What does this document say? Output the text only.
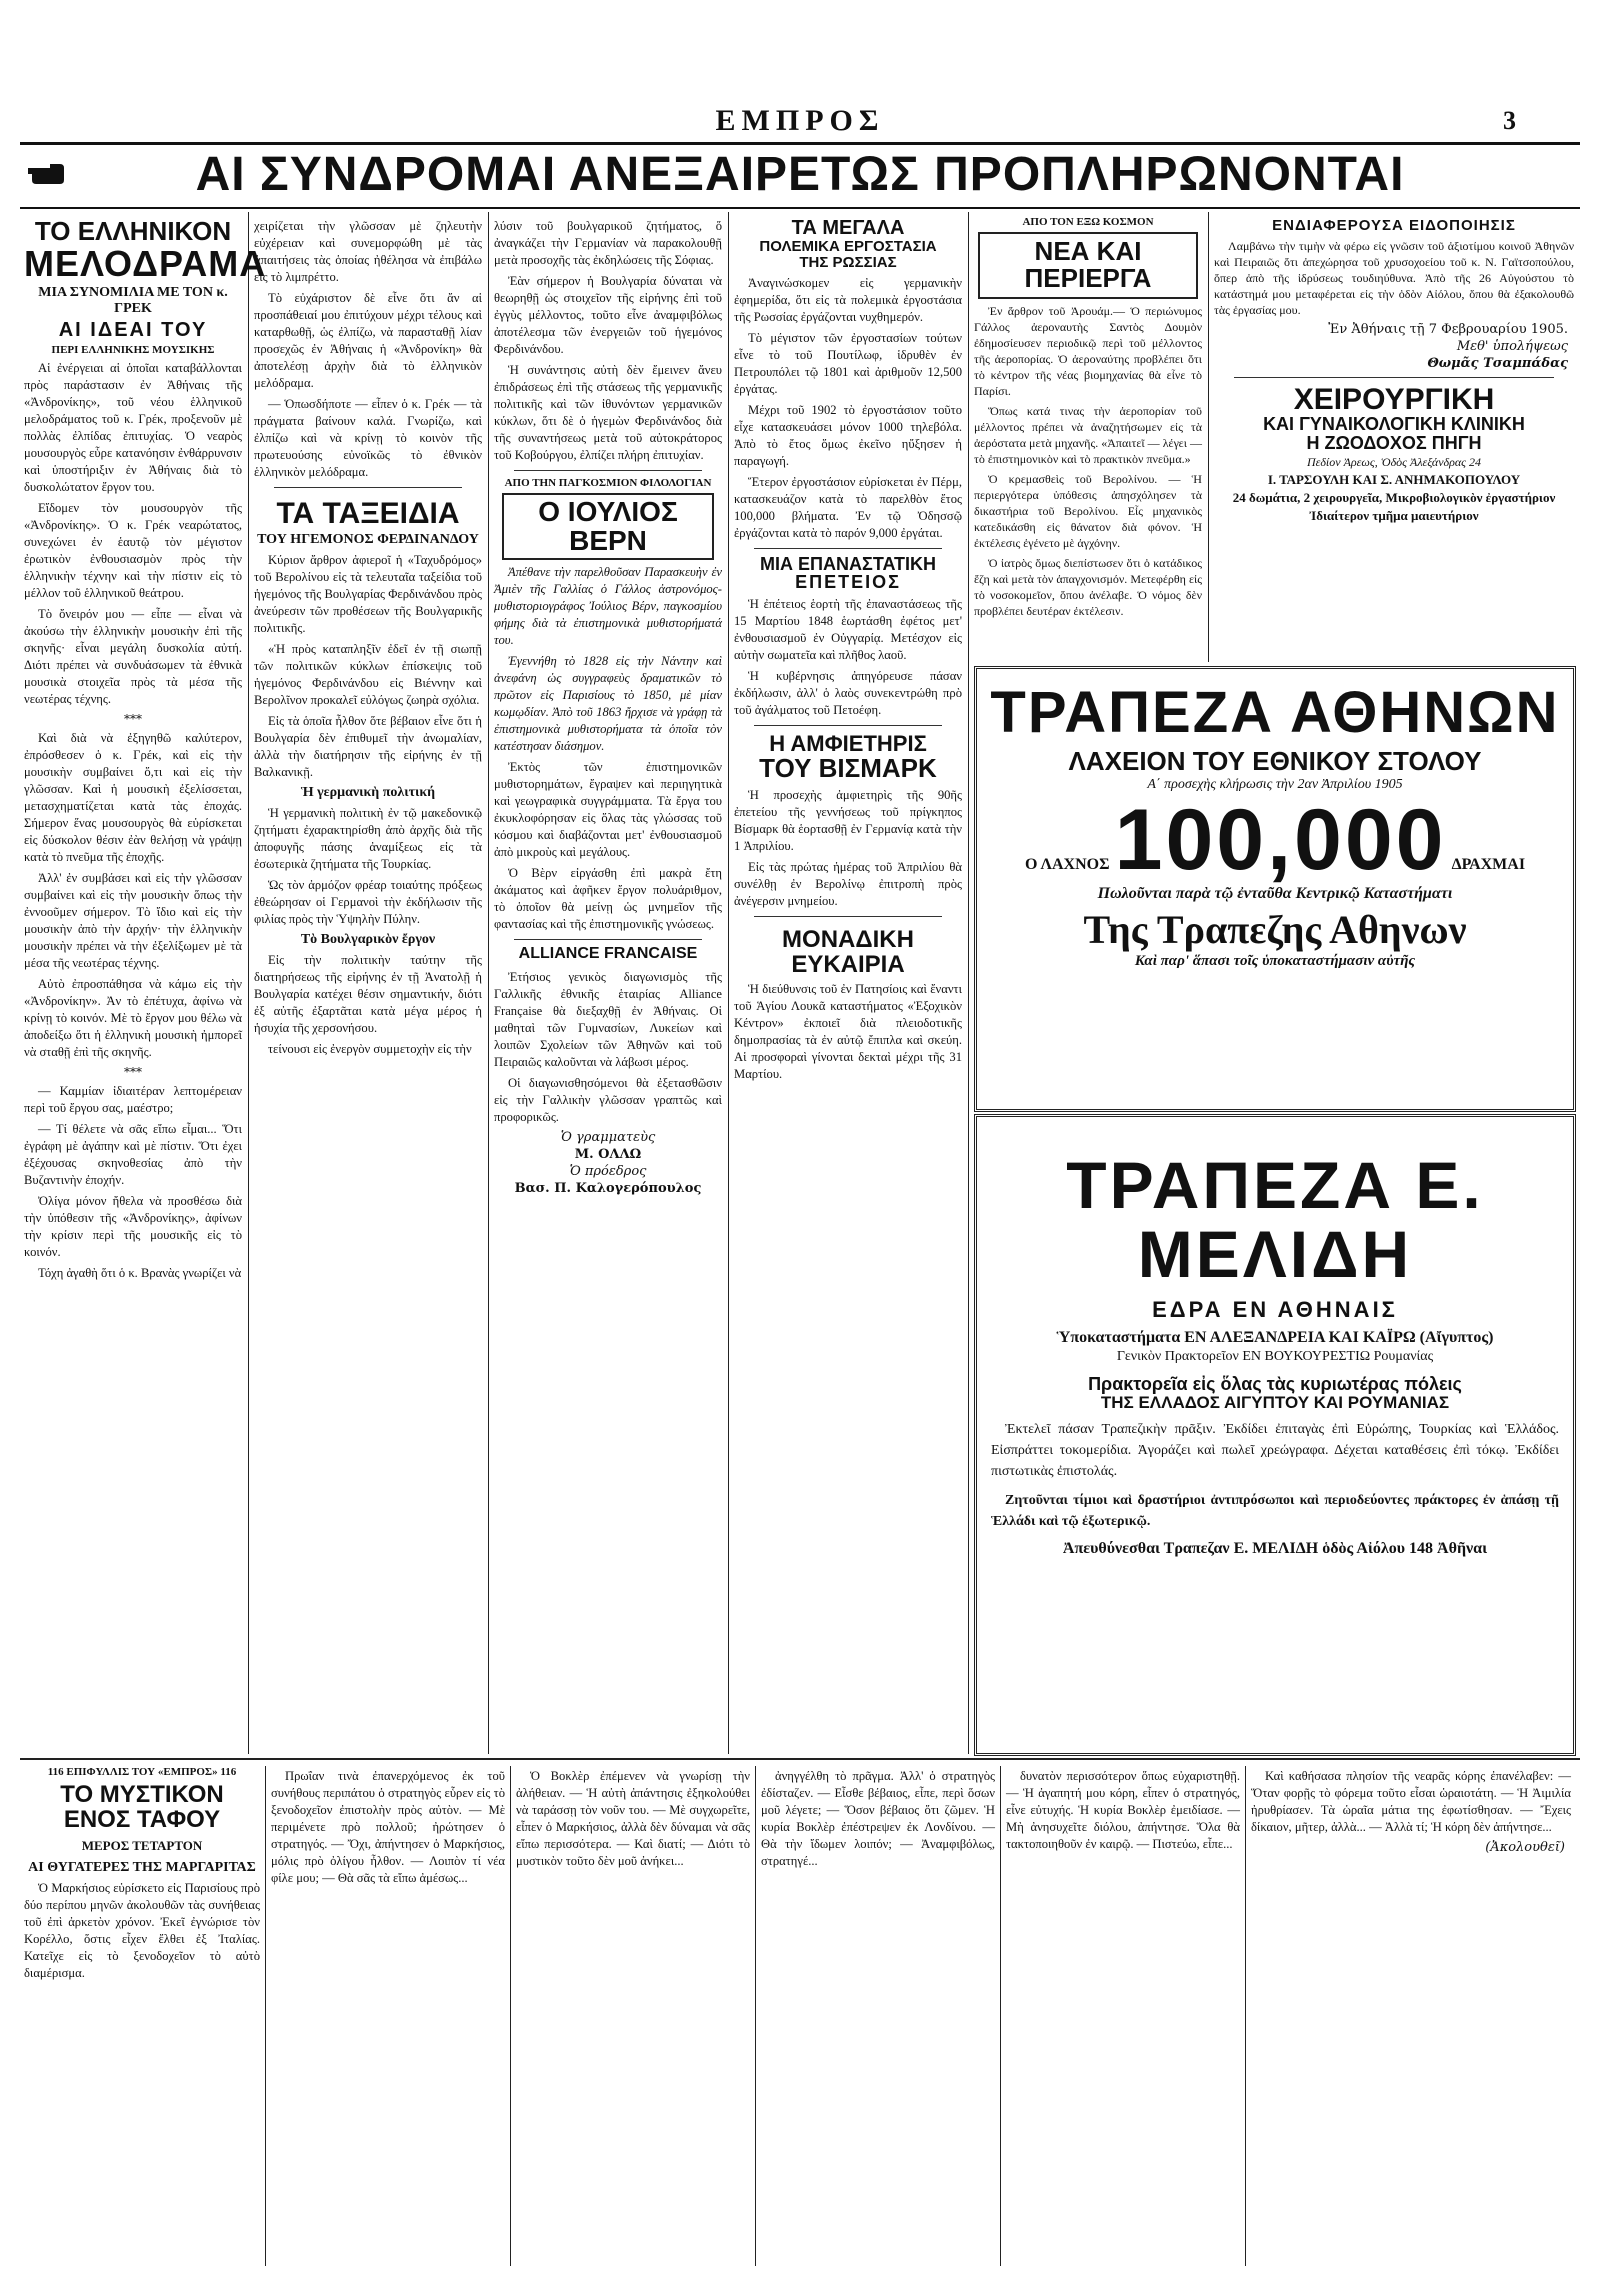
ΕΜΠΡΟΣ	3
ΑΙ ΣΥΝΔΡΟΜΑΙ ΑΝΕΞΑΙΡΕΤΩΣ ΠΡΟΠΛΗΡΩΝΟΝΤΑΙ
ΤΟ ΕΛΛΗΝΙΚΟΝ
ΜΕΛΟΔΡΑΜΑ
ΜΙΑ ΣΥΝΟΜΙΛΙΑ ΜΕ ΤΟΝ κ. ΓΡΕΚ
ΑΙ ΙΔΕΑΙ ΤΟΥ
ΠΕΡΙ ΕΛΛΗΝΙΚΗΣ ΜΟΥΣΙΚΗΣ

Αἱ ἐνέργειαι αἱ ὁποῖαι καταβάλλονται πρὸς παράστασιν ἐν Ἀθήναις τῆς «Ἀνδρονίκης», τοῦ νέου ἑλληνικοῦ μελοδράματος τοῦ κ. Γρέκ, προξενοῦν μὲ πολλὰς ἐλπίδας ἐπιτυχίας. Ὁ νεαρὸς μουσουργὸς εὗρε κατανόησιν ἐνθάρρυνσιν καὶ ὑποστήριξιν ἐν Ἀθήναις διὰ τὸ δυσκολώτατον ἔργον του.

Εἴδομεν τὸν μουσουργὸν τῆς «Ἀνδρονίκης». Ὁ κ. Γρέκ νεαρώτατος, συνεχώνει ἐν ἑαυτῷ τὸν μέγιστον ἐρωτικὸν ἐνθουσιασμὸν πρὸς τὴν ἑλληνικὴν τέχνην καὶ τὴν πίστιν εἰς τὸ μέλλον τοῦ ἑλληνικοῦ θεάτρου.

Τὸ ὄνειρόν μου — εἶπε — εἶναι νὰ ἀκούσω τὴν ἑλληνικὴν μουσικὴν ἐπὶ τῆς σκηνῆς· εἶναι μεγάλη δυσκολία αὐτή. Διότι πρέπει νὰ συνδυάσωμεν τὰ ἐθνικὰ μουσικὰ στοιχεῖα πρὸς τὰ μέσα τῆς νεωτέρας τέχνης.

***

Καὶ διὰ νὰ ἐξηγηθῶ καλύτερον, ἐπρόσθεσεν ὁ κ. Γρέκ, καὶ εἰς τὴν μουσικὴν συμβαίνει ὅ,τι καὶ εἰς τὴν γλῶσσαν. Καὶ ἡ μουσικὴ ἐξελίσσεται, μετασχηματίζεται κατὰ τὰς ἐποχάς. Σήμερον ἕνας μουσουργὸς θὰ εὑρίσκεται εἰς δύσκολον θέσιν ἐὰν θελήσῃ νὰ γράψῃ κατὰ τὸ πνεῦμα τῆς ἐποχῆς.

Ἀλλ' ἐν συμβάσει καὶ εἰς τὴν γλῶσσαν συμβαίνει καὶ εἰς τὴν μουσικὴν ὅπως τὴν ἐννοοῦμεν σήμερον. Τὸ ἴδιο καὶ εἰς τὴν μουσικὴν ἀπὸ τὴν ἀρχήν· τὴν ἑλληνικὴν μουσικὴν πρέπει νὰ τὴν ἐξελίξωμεν μὲ τὰ μέσα τῆς νεωτέρας τέχνης.

Αὐτὸ ἐπροσπάθησα νὰ κάμω εἰς τὴν «Ἀνδρονίκην». Ἀν τὸ ἐπέτυχα, ἀφίνω νὰ κρίνῃ τὸ κοινόν. Μὲ τὸ ἔργον μου θέλω νὰ ἀποδείξω ὅτι ἡ ἑλληνικὴ μουσικὴ ἠμπορεῖ νὰ σταθῇ ἐπὶ τῆς σκηνῆς.

***

— Καμμίαν ἰδιαιτέραν λεπτομέρειαν περὶ τοῦ ἔργου σας, μαέστρο;

— Τί θέλετε νὰ σᾶς εἴπω εἶμαι... Ὅτι ἐγράφη μὲ ἀγάπην καὶ μὲ πίστιν. Ὅτι ἐχει ἐξέχουσας σκηνοθεσίας ἀπὸ τὴν Βυζαντινὴν ἐποχήν.

Ὀλίγα μόνον ἤθελα νὰ προσθέσω διὰ τὴν ὑπόθεσιν τῆς «Ἀνδρονίκης», ἀφίνων τὴν κρίσιν περὶ τῆς μουσικῆς εἰς τὸ κοινόν.

Τόχη ἀγαθὴ ὅτι ὁ κ. Βρανὰς γνωρίζει νὰ

χειρίζεται τὴν γλῶσσαν μὲ ζηλευτὴν εὐχέρειαν καὶ συνεμορφώθη μὲ τὰς ἀπαιτήσεις τὰς ὁποίας ἠθέλησα νὰ ἐπιβάλω εἰς τὸ λιμπρέττο.

Τὸ εὐχάριστον δὲ εἶνε ὅτι ἄν αἱ προσπάθειαί μου ἐπιτύχουν μέχρι τέλους καὶ καταρθωθῇ, ὡς ἐλπίζω, νὰ παρασταθῇ λίαν προσεχῶς ἐν Ἀθήναις ἡ «Ἀνδρονίκη» θὰ ἀποτελέσῃ ἀρχὴν διὰ τὸ ἑλληνικὸν μελόδραμα.

— Ὁπωσδήποτε — εἶπεν ὁ κ. Γρέκ — τὰ πράγματα βαίνουν καλά. Γνωρίζω, καὶ ἐλπίζω καὶ νὰ κρίνῃ τὸ κοινὸν τῆς πρωτευούσης εὐνοϊκῶς τὸ ἐθνικὸν ἑλληνικὸν μελόδραμα.

ΤΑ ΤΑΞΕΙΔΙΑ
ΤΟΥ ΗΓΕΜΟΝΟΣ ΦΕΡΔΙΝΑΝΔΟΥ

Κύριον ἄρθρον ἀφιεροῖ ἡ «Ταχυδρόμος» τοῦ Βερολίνου εἰς τὰ τελευταῖα ταξείδια τοῦ ἡγεμόνος τῆς Βουλγαρίας Φερδινάνδου πρὸς ἀνεύρεσιν τῶν προθέσεων τῆς Βουλγαρικῆς πολιτικῆς.

«Ἡ πρὸς καταπληξῖν ἐδεῖ ἐν τῇ σιωπῇ τῶν πολιτικῶν κύκλων ἐπίσκεψις τοῦ ἡγεμόνος Φερδινάνδου εἰς Βιέννην καὶ Βερολῖνον προκαλεῖ εὐλόγως ζωηρὰ σχόλια.

Εἰς τὰ ὁποῖα ἦλθον ὅτε βέβαιον εἶνε ὅτι ἡ Βουλγαρία δὲν ἐπιθυμεῖ τὴν ἀνωμαλίαν, ἀλλὰ τὴν διατήρησιν τῆς εἰρήνης ἐν τῇ Βαλκανικῇ.

Ἡ γερμανικὴ πολιτική

Ἡ γερμανικὴ πολιτικὴ ἐν τῷ μακεδονικῷ ζητήματι ἐχαρακτηρίσθη ἀπὸ ἀρχῆς διὰ τῆς ἀποφυγῆς πάσης ἀναμίξεως εἰς τὰ ἐσωτερικὰ ζητήματα τῆς Τουρκίας.

Ὡς τὸν ἀρμόζον φρέαρ τοιαύτης πρόξεως ἐθεώρησαν οἱ Γερμανοὶ τὴν ἐκδήλωσιν τῆς φιλίας πρὸς τὴν Ὑψηλὴν Πύλην.

Τὸ Βουλγαρικὸν ἔργον

Εἰς τὴν πολιτικὴν ταύτην τῆς διατηρήσεως τῆς εἰρήνης ἐν τῇ Ἀνατολῇ ἡ Βουλγαρία κατέχει θέσιν σημαντικήν, διότι ἐξ αὐτῆς ἐξαρτᾶται κατὰ μέγα μέρος ἡ ἡσυχία τῆς χερσονήσου.

τείνουσι εἰς ἐνεργὸν συμμετοχὴν εἰς τὴν

λύσιν τοῦ βουλγαρικοῦ ζητήματος, ὅ ἀναγκάζει τὴν Γερμανίαν νὰ παρακολουθῇ μετὰ προσοχῆς τὰς ἐκδηλώσεις τῆς Σόφιας.

Ἐὰν σήμερον ἡ Βουλγαρία δύναται νὰ θεωρηθῇ ὡς στοιχεῖον τῆς εἰρήνης ἐπὶ τοῦ ἐγγὺς μέλλοντος, τοῦτο εἶνε ἀναμφιβόλως ἀποτέλεσμα τῶν ἐνεργειῶν τοῦ ἡγεμόνος Φερδινάνδου.

Ἡ συνάντησις αὐτὴ δὲν ἔμεινεν ἄνευ ἐπιδράσεως ἐπὶ τῆς στάσεως τῆς γερμανικῆς πολιτικῆς καὶ τῶν ἰθυνόντων γερμανικῶν κύκλων, ὅτι δὲ ὁ ἡγεμὼν Φερδινάνδος διὰ τῆς συναντήσεως μετὰ τοῦ αὐτοκράτορος τοῦ Κοβούργου, ἐλπίζει πλήρη ἐπιτυχίαν.

ΑΠΟ ΤΗΝ ΠΑΓΚΟΣΜΙΟΝ ΦΙΛΟΛΟΓΙΑΝ
Ο ΙΟΥΛΙΟΣ ΒΕΡΝ

Ἀπέθανε τὴν παρελθοῦσαν Παρασκευὴν ἐν Ἀμιὲν τῆς Γαλλίας ὁ Γάλλος ἀστρονόμος-μυθιστοριογράφος Ἰούλιος Βέρν, παγκοσμίου φήμης διὰ τὰ ἐπιστημονικὰ μυθιστορήματά του.

Ἐγεννήθη τὸ 1828 εἰς τὴν Νάντην καὶ ἀνεφάνη ὡς συγγραφεὺς δραματικῶν τὸ πρῶτον εἰς Παρισίους τὸ 1850, μὲ μίαν κωμῳδίαν. Ἀπὸ τοῦ 1863 ἤρχισε νὰ γράφῃ τὰ ἐπιστημονικὰ μυθιστορήματα τὰ ὁποῖα τὸν κατέστησαν διάσημον.

Ἐκτὸς τῶν ἐπιστημονικῶν μυθιστορημάτων, ἔγραψεν καὶ περιηγητικὰ καὶ γεωγραφικὰ συγγράμματα. Τὰ ἔργα του ἐκυκλοφόρησαν εἰς ὅλας τὰς γλώσσας τοῦ κόσμου καὶ διαβάζονται μετ' ἐνθουσιασμοῦ ἀπὸ μικροὺς καὶ μεγάλους.

Ὁ Βὲρν εἰργάσθη ἐπὶ μακρὰ ἔτη ἀκάματος καὶ ἀφῆκεν ἔργον πολυάριθμον, τὸ ὁποῖον θὰ μείνῃ ὡς μνημεῖον τῆς φαντασίας καὶ τῆς ἐπιστημονικῆς γνώσεως.

ALLIANCE FRANCAISE

Ἐτήσιος γενικὸς διαγωνισμὸς τῆς Γαλλικῆς ἐθνικῆς ἑταιρίας Alliance Française θὰ διεξαχθῇ ἐν Ἀθήναις. Οἱ μαθηταὶ τῶν Γυμνασίων, Λυκείων καὶ λοιπῶν Σχολείων τῶν Ἀθηνῶν καὶ τοῦ Πειραιῶς καλοῦνται νὰ λάβωσι μέρος.

Οἱ διαγωνισθησόμενοι θὰ ἐξετασθῶσιν εἰς τὴν Γαλλικὴν γλῶσσαν γραπτῶς καὶ προφορικῶς.

Ὁ γραμματεὺς
Μ. ΟΛΛΩ
Ὁ πρόεδρος
Βασ. Π. Καλογερόπουλος
ΤΑ ΜΕΓΑΛΑ
ΠΟΛΕΜΙΚΑ ΕΡΓΟΣΤΑΣΙΑ
ΤΗΣ ΡΩΣΣΙΑΣ

Ἀναγινώσκομεν εἰς γερμανικὴν ἐφημερίδα, ὅτι εἰς τὰ πολεμικὰ ἐργοστάσια τῆς Ρωσσίας ἐργάζονται νυχθημερόν.

Τὸ μέγιστον τῶν ἐργοστασίων τούτων εἶνε τὸ τοῦ Πουτίλωφ, ἱδρυθὲν ἐν Πετρουπόλει τῷ 1801 καὶ ἀριθμοῦν 12,500 ἐργάτας.

Μέχρι τοῦ 1902 τὸ ἐργοστάσιον τοῦτο εἶχε κατασκευάσει μόνον 1000 τηλεβόλα. Ἀπὸ τὸ ἔτος ὅμως ἐκεῖνο ηὔξησεν ἡ παραγωγή.

Ἕτερον ἐργοστάσιον εὑρίσκεται ἐν Πέρμ, κατασκευάζον κατὰ τὸ παρελθὸν ἔτος 100,000 βλήματα. Ἐν τῷ Ὀδησσῷ ἐργάζονται κατὰ τὸ παρόν 9,000 ἐργάται.

ΜΙΑ ΕΠΑΝΑΣΤΑΤΙΚΗ
ΕΠΕΤΕΙΟΣ

Ἡ ἐπέτειος ἑορτὴ τῆς ἐπαναστάσεως τῆς 15 Μαρτίου 1848 ἑωρτάσθη ἐφέτος μετ' ἐνθουσιασμοῦ ἐν Οὐγγαρίᾳ. Μετέσχον εἰς αὐτὴν σωματεῖα καὶ πλῆθος λαοῦ.

Ἡ κυβέρνησις ἀπηγόρευσε πάσαν ἐκδήλωσιν, ἀλλ' ὁ λαὸς συνεκεντρώθη πρὸ τοῦ ἀγάλματος τοῦ Πετοέφη.

Η ΑΜΦΙΕΤΗΡΙΣ
ΤΟΥ ΒΙΣΜΑΡΚ

Ἡ προσεχὴς ἀμφιετηρὶς τῆς 90ῆς ἐπετείου τῆς γεννήσεως τοῦ πρίγκηπος Βίσμαρκ θὰ ἑορτασθῇ ἐν Γερμανίᾳ κατὰ τὴν 1 Ἀπριλίου.

Εἰς τὰς πρώτας ἡμέρας τοῦ Ἀπριλίου θὰ συνέλθῃ ἐν Βερολίνῳ ἐπιτροπὴ πρὸς ἀνέγερσιν μνημείου.

ΜΟΝΑΔΙΚΗ ΕΥΚΑΙΡΙΑ

Ἡ διεύθυνσις τοῦ ἐν Πατησίοις καὶ ἔναντι τοῦ Ἁγίου Λουκᾶ καταστήματος «Ἐξοχικὸν Κέντρον» ἐκποιεῖ διὰ πλειοδοτικῆς δημοπρασίας τὰ ἐν αὐτῷ ἔπιπλα καὶ σκεύη. Αἱ προσφοραὶ γίνονται δεκταὶ μέχρι τῆς 31 Μαρτίου.

ΑΠΟ ΤΟΝ ΕΞΩ ΚΟΣΜΟΝ
ΝΕΑ ΚΑΙ ΠΕΡΙΕΡΓΑ

Ἐν ἄρθρον τοῦ Ἀρουάμ.— Ὁ περιώνυμος Γάλλος ἀεροναυτὴς Σαντὸς Δουμὸν ἐδημοσίευσεν περιοδικῷ περὶ τοῦ μέλλοντος τῆς ἀεροπορίας. Ὁ ἀεροναύτης προβλέπει ὅτι τὸ κέντρον τῆς νέας βιομηχανίας θὰ εἶνε τὸ Παρίσι.

Ὅπως κατά τινας τὴν ἀεροπορίαν τοῦ μέλλοντος πρέπει νὰ ἀναζητήσωμεν εἰς τὰ ἀερόστατα μετὰ μηχανῆς. «Ἀπαιτεῖ — λέγει — τὸ ἐπιστημονικὸν καὶ τὸ πρακτικὸν πνεῦμα.»

Ὁ κρεμασθεὶς τοῦ Βερολίνου. — Ἡ περιεργότερα ὑπόθεσις ἀπησχόλησεν τὰ δικαστήρια τοῦ Βερολίνου. Εἷς μηχανικὸς κατεδικάσθη εἰς θάνατον διὰ φόνον. Ἡ ἐκτέλεσις ἐγένετο μὲ ἀγχόνην.

Ὁ ἰατρὸς ὅμως διεπίστωσεν ὅτι ὁ κατάδικος ἔζη καὶ μετὰ τὸν ἀπαγχονισμόν. Μετεφέρθη εἰς τὸ νοσοκομεῖον, ὅπου ἀνέλαβε. Ὁ νόμος δὲν προβλέπει δευτέραν ἐκτέλεσιν.

ΕΝΔΙΑΦΕΡΟΥΣΑ ΕΙΔΟΠΟΙΗΣΙΣ

Λαμβάνω τὴν τιμὴν νὰ φέρω εἰς γνῶσιν τοῦ ἀξιοτίμου κοινοῦ Ἀθηνῶν καὶ Πειραιῶς ὅτι ἀπεχώρησα τοῦ χρυσοχοείου τοῦ κ. Ν. Γαϊτσοπούλου, ὅπερ ἀπὸ τῆς ἱδρύσεως τουδιηύθυνα. Ἀπὸ τῆς 26 Αὐγούστου τὸ κατάστημά μου μεταφέρεται εἰς τὴν ὁδὸν Αἰόλου, ὅπου θὰ ἐξακολουθῶ τὰς ἐργασίας μου.

Ἐν Ἀθήναις τῇ 7 Φεβρουαρίου 1905.
Μεθ' ὑπολήψεως
Θωμᾶς Τσαμπάδας
ΧΕΙΡΟΥΡΓΙΚΗ
ΚΑΙ ΓΥΝΑΙΚΟΛΟΓΙΚΗ ΚΛΙΝΙΚΗ
Η ΖΩΟΔΟΧΟΣ ΠΗΓΗ
Πεδίον Ἀρεως, Ὁδὸς Ἀλεξάνδρας 24
Ι. ΤΑΡΣΟΥΛΗ ΚΑΙ Σ. ΑΝΗΜΑΚΟΠΟΥΛΟΥ
24 δωμάτια, 2 χειρουργεῖα, Μικροβιολογικὸν ἐργαστήριον
Ἰδιαίτερον τμῆμα μαιευτήριον
ΤΡΑΠΕΖΑ ΑΘΗΝΩΝ
ΛΑΧΕΙΟΝ ΤΟΥ ΕΘΝΙΚΟΥ ΣΤΟΛΟΥ
Α΄ προσεχὴς κλήρωσις τὴν 2αν Ἀπριλίου 1905
Ο ΛΑΧΝΟΣ 100,000 ΔΡΑΧΜΑΙ
Πωλοῦνται παρὰ τῷ ἐνταῦθα Κεντρικῷ Καταστήματι
Της Τραπεζης Αθηνων
Καὶ παρ' ἅπασι τοῖς ὑποκαταστήμασιν αὐτῆς
ΤΡΑΠΕΖΑ Ε. ΜΕΛΙΔΗ
ΕΔΡΑ ΕΝ ΑΘΗΝΑΙΣ
Ὑποκαταστήματα ΕΝ ΑΛΕΞΑΝΔΡΕΙΑ ΚΑΙ ΚΑΪΡΩ (Αἴγυπτος)
Γενικὸν Πρακτορεῖον ΕΝ ΒΟΥΚΟΥΡΕΣΤΙΩ Ρουμανίας
Πρακτορεῖα εἰς ὅλας τὰς κυριωτέρας πόλεις
ΤΗΣ ΕΛΛΑΔΟΣ ΑΙΓΥΠΤΟΥ ΚΑΙ ΡΟΥΜΑΝΙΑΣ

Ἐκτελεῖ πάσαν Τραπεζικὴν πρᾶξιν. Ἐκδίδει ἐπιταγὰς ἐπὶ Εὐρώπης, Τουρκίας καὶ Ἑλλάδος. Εἰσπράττει τοκομερίδια. Ἀγοράζει καὶ πωλεῖ χρεώγραφα. Δέχεται καταθέσεις ἐπὶ τόκῳ. Ἐκδίδει πιστωτικὰς ἐπιστολάς.

Ζητοῦνται τίμιοι καὶ δραστήριοι ἀντιπρόσωποι καὶ περιοδεύοντες πράκτορες ἐν ἁπάσῃ τῇ Ἑλλάδι καὶ τῷ ἐξωτερικῷ.

Ἀπευθύνεσθαι Τραπεζαν Ε. ΜΕΛΙΔΗ ὁδὸς Αἰόλου 148 Ἀθῆναι
116 ΕΠΙΦΥΛΛΙΣ ΤΟΥ «ΕΜΠΡΟΣ» 116
ΤΟ ΜΥΣΤΙΚΟΝ ΕΝΟΣ ΤΑΦΟΥ
ΜΕΡΟΣ ΤΕΤΑΡΤΟΝ
ΑΙ ΘΥΓΑΤΕΡΕΣ ΤΗΣ ΜΑΡΓΑΡΙΤΑΣ

Ὁ Μαρκήσιος εὑρίσκετο εἰς Παρισίους πρὸ δύο περίπου μηνῶν ἀκολουθῶν τὰς συνήθειας τοῦ ἐπὶ ἀρκετὸν χρόνον. Ἐκεῖ ἐγνώρισε τὸν Κορέλλο, ὅστις εἶχεν ἔλθει ἐξ Ἰταλίας. Κατεῖχε εἰς τὸ ξενοδοχεῖον τὸ αὐτὸ διαμέρισμα.

Πρωΐαν τινὰ ἐπανερχόμενος ἐκ τοῦ συνήθους περιπάτου ὁ στρατηγὸς εὗρεν εἰς τὸ ξενοδοχεῖον ἐπιστολὴν πρὸς αὐτὸν. — Μὲ περιμένετε πρὸ πολλοῦ; ἠρώτησεν ὁ στρατηγός. — Ὄχι, ἀπήντησεν ὁ Μαρκήσιος, μόλις πρὸ ὀλίγου ἦλθον. — Λοιπὸν τί νέα φίλε μου; — Θὰ σᾶς τὰ εἴπω ἀμέσως...

Ὁ Βοκλὲρ ἐπέμενεν νὰ γνωρίσῃ τὴν ἀλήθειαν. — Ἡ αὐτὴ ἀπάντησις ἐξηκολούθει νὰ ταράσσῃ τὸν νοῦν του. — Μὲ συγχωρεῖτε, εἶπεν ὁ Μαρκήσιος, ἀλλὰ δὲν δύναμαι νὰ σᾶς εἴπω περισσότερα. — Καὶ διατί; — Διότι τὸ μυστικὸν τοῦτο δὲν μοῦ ἀνήκει...

ἀνηγγέλθη τὸ πρᾶγμα. Ἀλλ' ὁ στρατηγὸς ἐδίσταζεν. — Εἶσθε βέβαιος, εἶπε, περὶ ὅσων μοῦ λέγετε; — Ὅσον βέβαιος ὅτι ζῶμεν. Ἡ κυρία Βοκλὲρ ἐπέστρεψεν ἐκ Λονδίνου. — Θὰ τὴν ἴδωμεν λοιπόν; — Ἀναμφιβόλως, στρατηγέ...

δυνατὸν περισσότερον ὅπως εὐχαριστηθῇ. — Ἡ ἀγαπητή μου κόρη, εἶπεν ὁ στρατηγός, εἶνε εὐτυχής. Ἡ κυρία Βοκλὲρ ἐμειδίασε. — Μὴ ἀνησυχεῖτε διόλου, ἀπήντησε. Ὅλα θὰ τακτοποιηθοῦν ἐν καιρῷ. — Πιστεύω, εἶπε...

Καὶ καθήσασα πλησίον τῆς νεαρᾶς κόρης ἐπανέλαβεν: — Ὅταν φορῇς τὸ φόρεμα τοῦτο εἶσαι ὡραιοτάτη. — Ἡ Ἀιμιλία ἠρυθρίασεν. Τὰ ὡραῖα μάτια της ἐφωτίσθησαν. — Ἔχεις δίκαιον, μῆτερ, ἀλλὰ... — Ἀλλὰ τί; Ἡ κόρη δὲν ἀπήντησε...

(Ἀκολουθεῖ)
